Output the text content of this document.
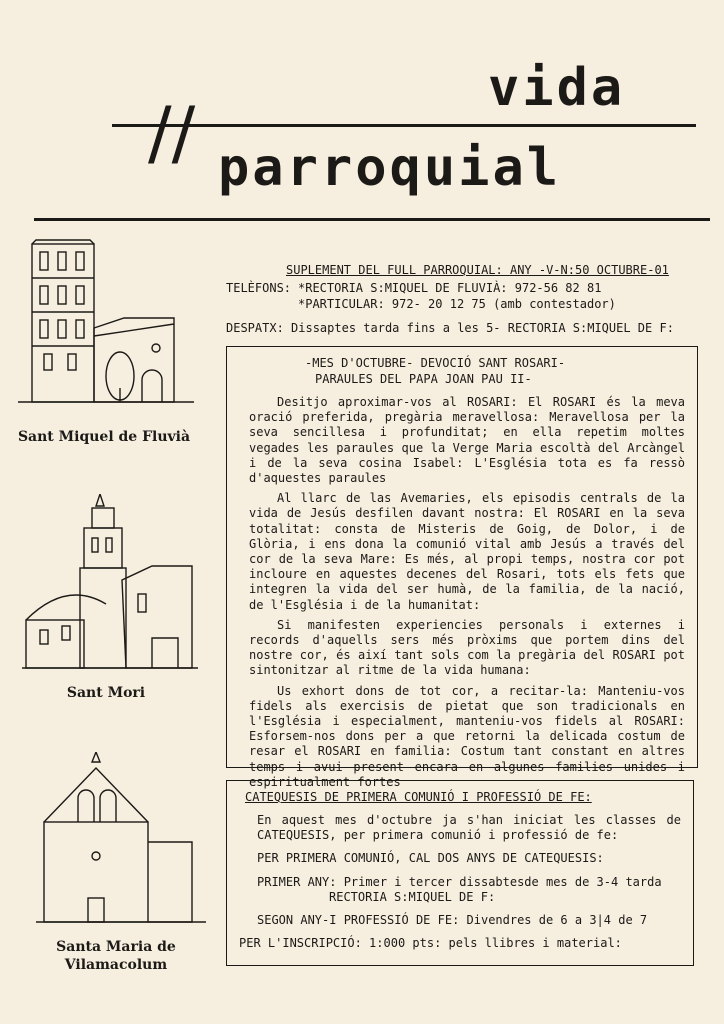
//
vida
parroquial
Sant Miquel de Fluvià
Sant Mori
Santa Maria de Vilamacolum
SUPLEMENT DEL FULL PARROQUIAL: ANY -V-N:50 OCTUBRE-01
TELÈFONS: *RECTORIA S:MIQUEL DE FLUVIÀ: 972-56 82 81
*PARTICULAR: 972- 20 12 75 (amb contestador)
DESPATX: Dissaptes tarda fins a les 5- RECTORIA S:MIQUEL DE F:
-MES D'OCTUBRE- DEVOCIÓ SANT ROSARI-
PARAULES DEL PAPA JOAN PAU II-

Desitjo aproximar-vos al ROSARI: El ROSARI és la meva oració preferida, pregària meravellosa: Meravellosa per la seva sencillesa i profunditat; en ella repetim moltes vegades les paraules que la Verge Maria escoltà del Arcàngel i de la seva cosina Isabel: L'Església tota es fa ressò d'aquestes paraules

Al llarc de las Avemaries, els episodis centrals de la vida de Jesús desfilen davant nostra: El ROSARI en la seva totalitat: consta de Misteris de Goig, de Dolor, i de Glòria, i ens dona la comunió vital amb Jesús a través del cor de la seva Mare: Es més, al propi temps, nostra cor pot incloure en aquestes decenes del Rosari, tots els fets que integren la vida del ser humà, de la familia, de la nació, de l'Església i de la humanitat:

Si manifesten experiencies personals i externes i records d'aquells sers més pròxims que portem dins del nostre cor, és així tant sols com la pregària del ROSARI pot sintonitzar al ritme de la vida humana:

Us exhort dons de tot cor, a recitar-la: Manteniu-vos fidels als exercisis de pietat que son tradicionals en l'Església i especialment, manteniu-vos fidels al ROSARI: Esforsem-nos dons per a que retorni la delicada costum de resar el ROSARI en familia: Costum tant constant en altres temps i avui present encara en algunes families unides i espiritualment fortes

CATEQUESIS DE PRIMERA COMUNIÓ I PROFESSIÓ DE FE:

En aquest mes d'octubre ja s'han iniciat les classes de CATEQUESIS, per primera comunió i professió de fe:

PER PRIMERA COMUNIÓ, CAL DOS ANYS DE CATEQUESIS:

PRIMER ANY: Primer i tercer dissabtesde mes de 3-4 tarda

RECTORIA S:MIQUEL DE F:

SEGON ANY-I PROFESSIÓ DE FE: Divendres de 6 a 3|4 de 7

PER L'INSCRIPCIÓ: 1:000 pts: pels llibres i material:
